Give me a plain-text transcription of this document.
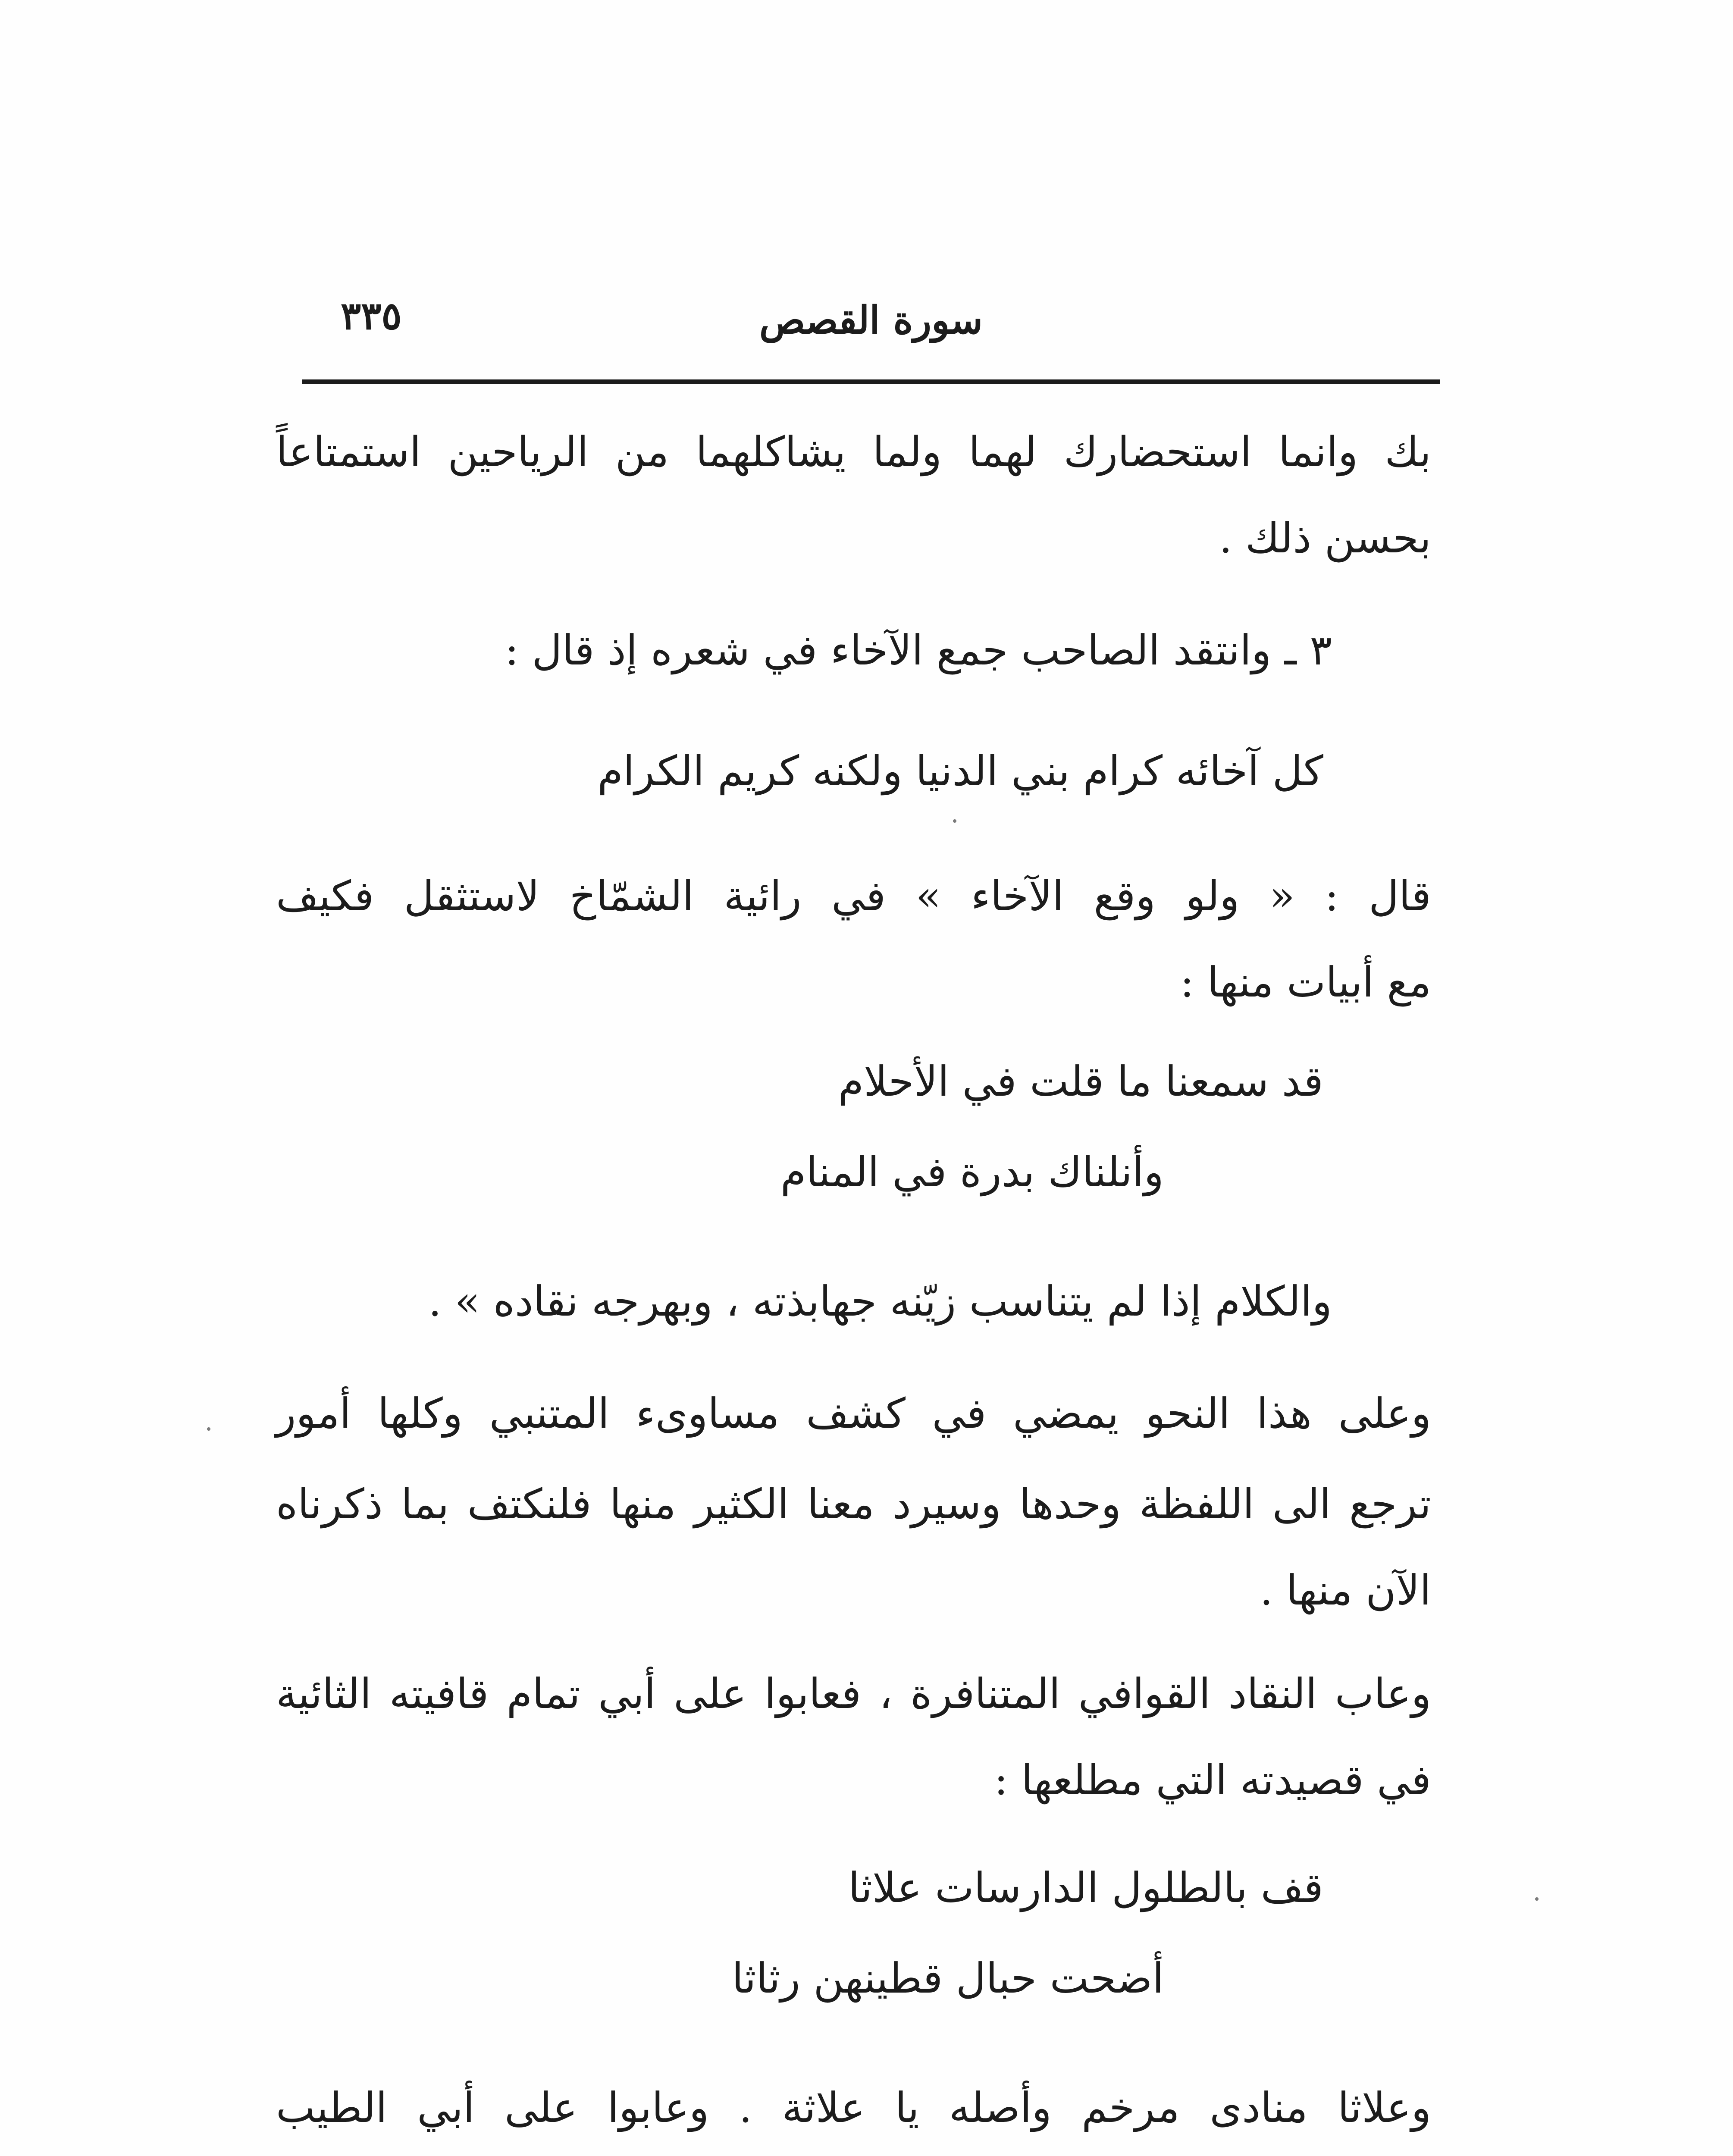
٣٣٥	سورة القصص
بك وانما استحضارك لهما ولما يشاكلهما من الرياحين استمتاعاً
بحسن ذلك .
٣ ـ وانتقد الصاحب جمع الآخاء في شعره إذ قال :
كل آخائه كرام بني الدنيا ولكنه كريم الكرام
قال : « ولو وقع الآخاء » في رائية الشمّاخ لاستثقل فكيف
مع أبيات منها :
قد سمعنا ما قلت في الأحلام
وأنلناك بدرة في المنام
والكلام إذا لم يتناسب زيّنه جهابذته ، وبهرجه نقاده » .
وعلى هذا النحو يمضي في كشف مساوىء المتنبي وكلها أمور
ترجع الى اللفظة وحدها وسيرد معنا الكثير منها فلنكتف بما ذكرناه
الآن منها .
وعاب النقاد القوافي المتنافرة ، فعابوا على أبي تمام قافيته الثائية
في قصيدته التي مطلعها :
قف بالطلول الدارسات علاثا
أضحت حبال قطينهن رثاثا
وعلاثا منادى مرخم وأصله يا علاثة . وعابوا على أبي الطيب
